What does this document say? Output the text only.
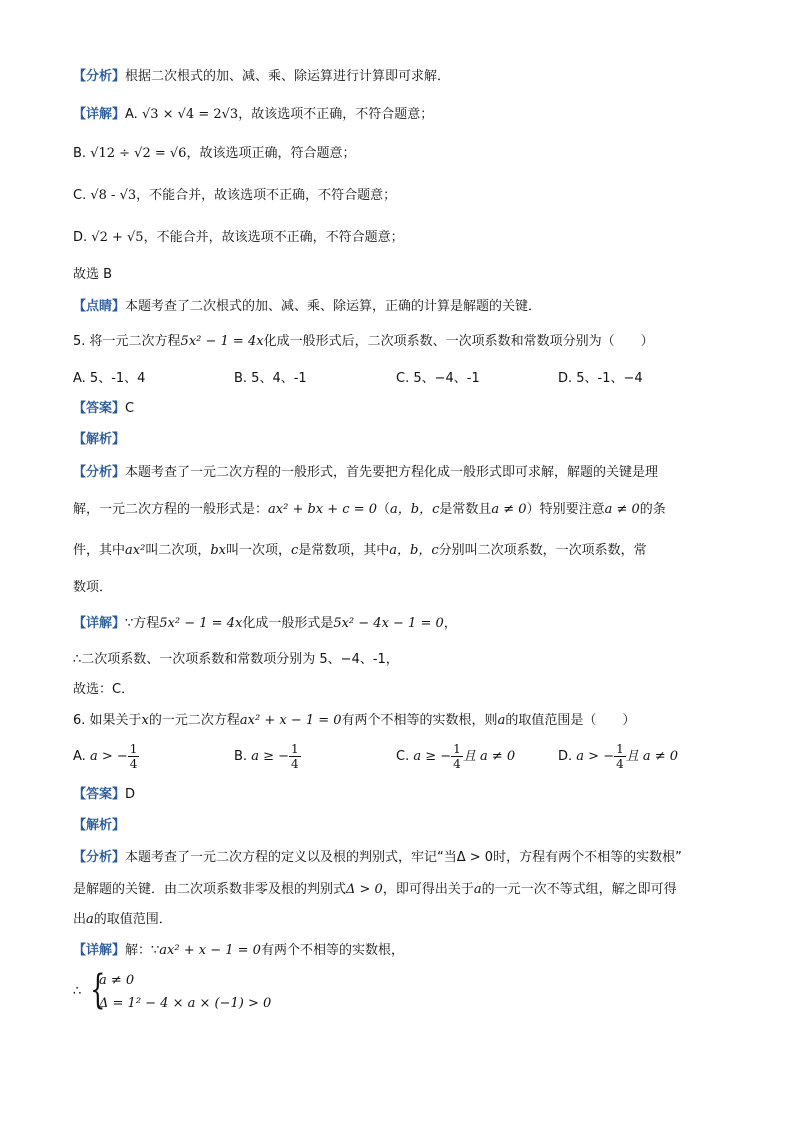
【分析】根据二次根式的加、减、乘、除运算进行计算即可求解．
【详解】A. √3 × √4 = 2√3，故该选项不正确，不符合题意；
B. √12 ÷ √2 = √6，故该选项正确，符合题意；
C. √8 - √3，不能合并，故该选项不正确，不符合题意；
D. √2 + √5，不能合并，故该选项不正确，不符合题意；
故选 B
【点睛】本题考查了二次根式的加、减、乘、除运算，正确的计算是解题的关键．
5. 将一元二次方程5x² − 1 = 4x化成一般形式后，二次项系数、一次项系数和常数项分别为（　　）
A. 5、-1、4	B. 5、4、-1	C. 5、−4、-1	D. 5、-1、−4
【答案】C
【解析】
【分析】本题考查了一元二次方程的一般形式，首先要把方程化成一般形式即可求解，解题的关键是理
解，一元二次方程的一般形式是：ax² + bx + c = 0（a，b，c是常数且a ≠ 0）特别要注意a ≠ 0的条
件，其中ax²叫二次项，bx叫一次项，c是常数项，其中a，b，c分别叫二次项系数，一次项系数，常
数项．
【详解】∵方程5x² − 1 = 4x化成一般形式是5x² − 4x − 1 = 0，
∴二次项系数、一次项系数和常数项分别为 5、−4、-1，
故选：C．
6. 如果关于x的一元二次方程ax² + x − 1 = 0有两个不相等的实数根，则a的取值范围是（　　）
A. a > − $\frac{1}{4}$	B. a ≥ − $\frac{1}{4}$	C. a ≥ − $\frac{1}{4}$ 且 a ≠ 0	D. a > − $\frac{1}{4}$ 且 a ≠ 0
【答案】D
【解析】
【分析】本题考查了一元二次方程的定义以及根的判别式，牢记“当Δ > 0时，方程有两个不相等的实数根”
是解题的关键．由二次项系数非零及根的判别式Δ > 0，即可得出关于a的一元一次不等式组，解之即可得
出a的取值范围．
【详解】解：∵ax² + x − 1 = 0有两个不相等的实数根，
∴ {
a ≠ 0
Δ = 1² − 4 × a × (−1) > 0
